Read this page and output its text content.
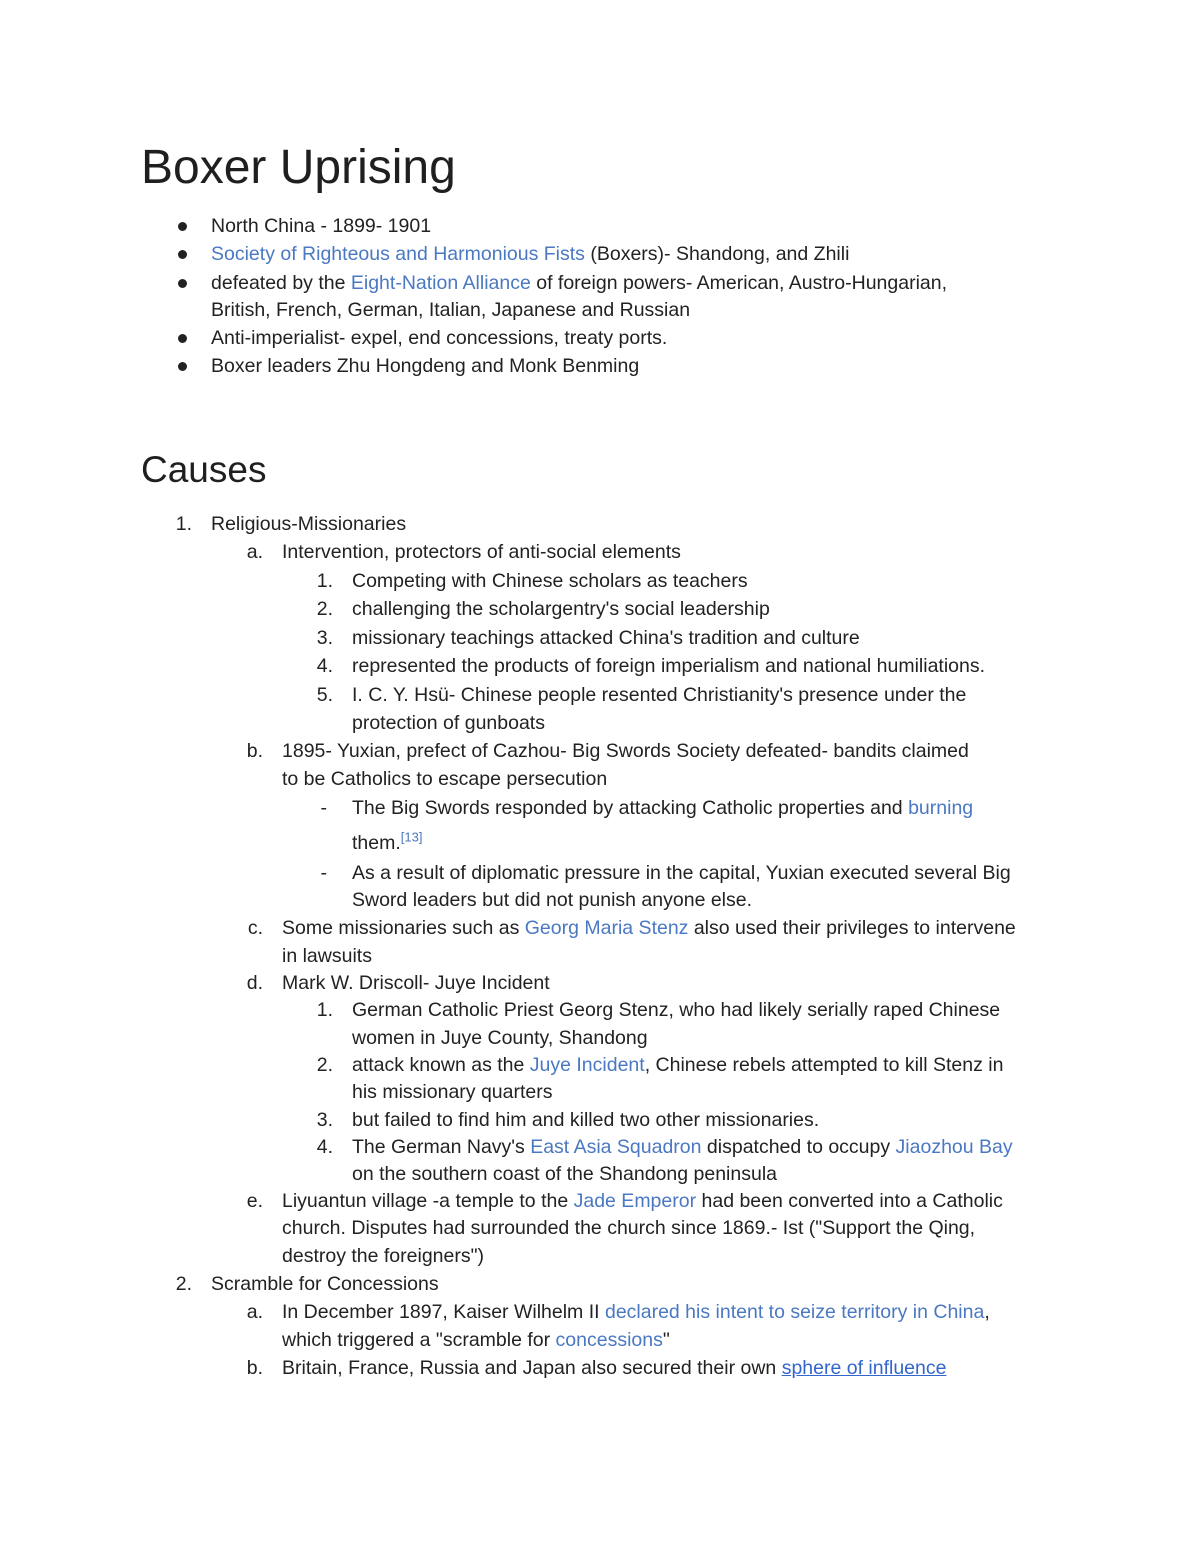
Boxer Uprising
North China - 1899- 1901
Society of Righteous and Harmonious Fists (Boxers)- Shandong, and Zhili
defeated by the Eight-Nation Alliance of foreign powers- American, Austro-Hungarian,
British, French, German, Italian, Japanese and Russian
Anti-imperialist- expel, end concessions, treaty ports.
Boxer leaders Zhu Hongdeng and Monk Benming
Causes
1. Religious-Missionaries
a. Intervention, protectors of anti-social elements
1. Competing with Chinese scholars as teachers
2. challenging the scholargentry's social leadership
3. missionary teachings attacked China's tradition and culture
4. represented the products of foreign imperialism and national humiliations.
5. I. C. Y. Hsü- Chinese people resented Christianity's presence under the
protection of gunboats
b. 1895- Yuxian, prefect of Cazhou- Big Swords Society defeated- bandits claimed
to be Catholics to escape persecution
- The Big Swords responded by attacking Catholic properties and burning
them.[13]
- As a result of diplomatic pressure in the capital, Yuxian executed several Big
Sword leaders but did not punish anyone else.
c. Some missionaries such as Georg Maria Stenz also used their privileges to intervene
in lawsuits
d. Mark W. Driscoll- Juye Incident
1. German Catholic Priest Georg Stenz, who had likely serially raped Chinese
women in Juye County, Shandong
2. attack known as the Juye Incident, Chinese rebels attempted to kill Stenz in
his missionary quarters
3. but failed to find him and killed two other missionaries.
4. The German Navy's East Asia Squadron dispatched to occupy Jiaozhou Bay
on the southern coast of the Shandong peninsula
e. Liyuantun village -a temple to the Jade Emperor had been converted into a Catholic
church. Disputes had surrounded the church since 1869.- Ist ("Support the Qing,
destroy the foreigners")
2. Scramble for Concessions
a. In December 1897, Kaiser Wilhelm II declared his intent to seize territory in China,
which triggered a "scramble for concessions"
b. Britain, France, Russia and Japan also secured their own sphere of influence
